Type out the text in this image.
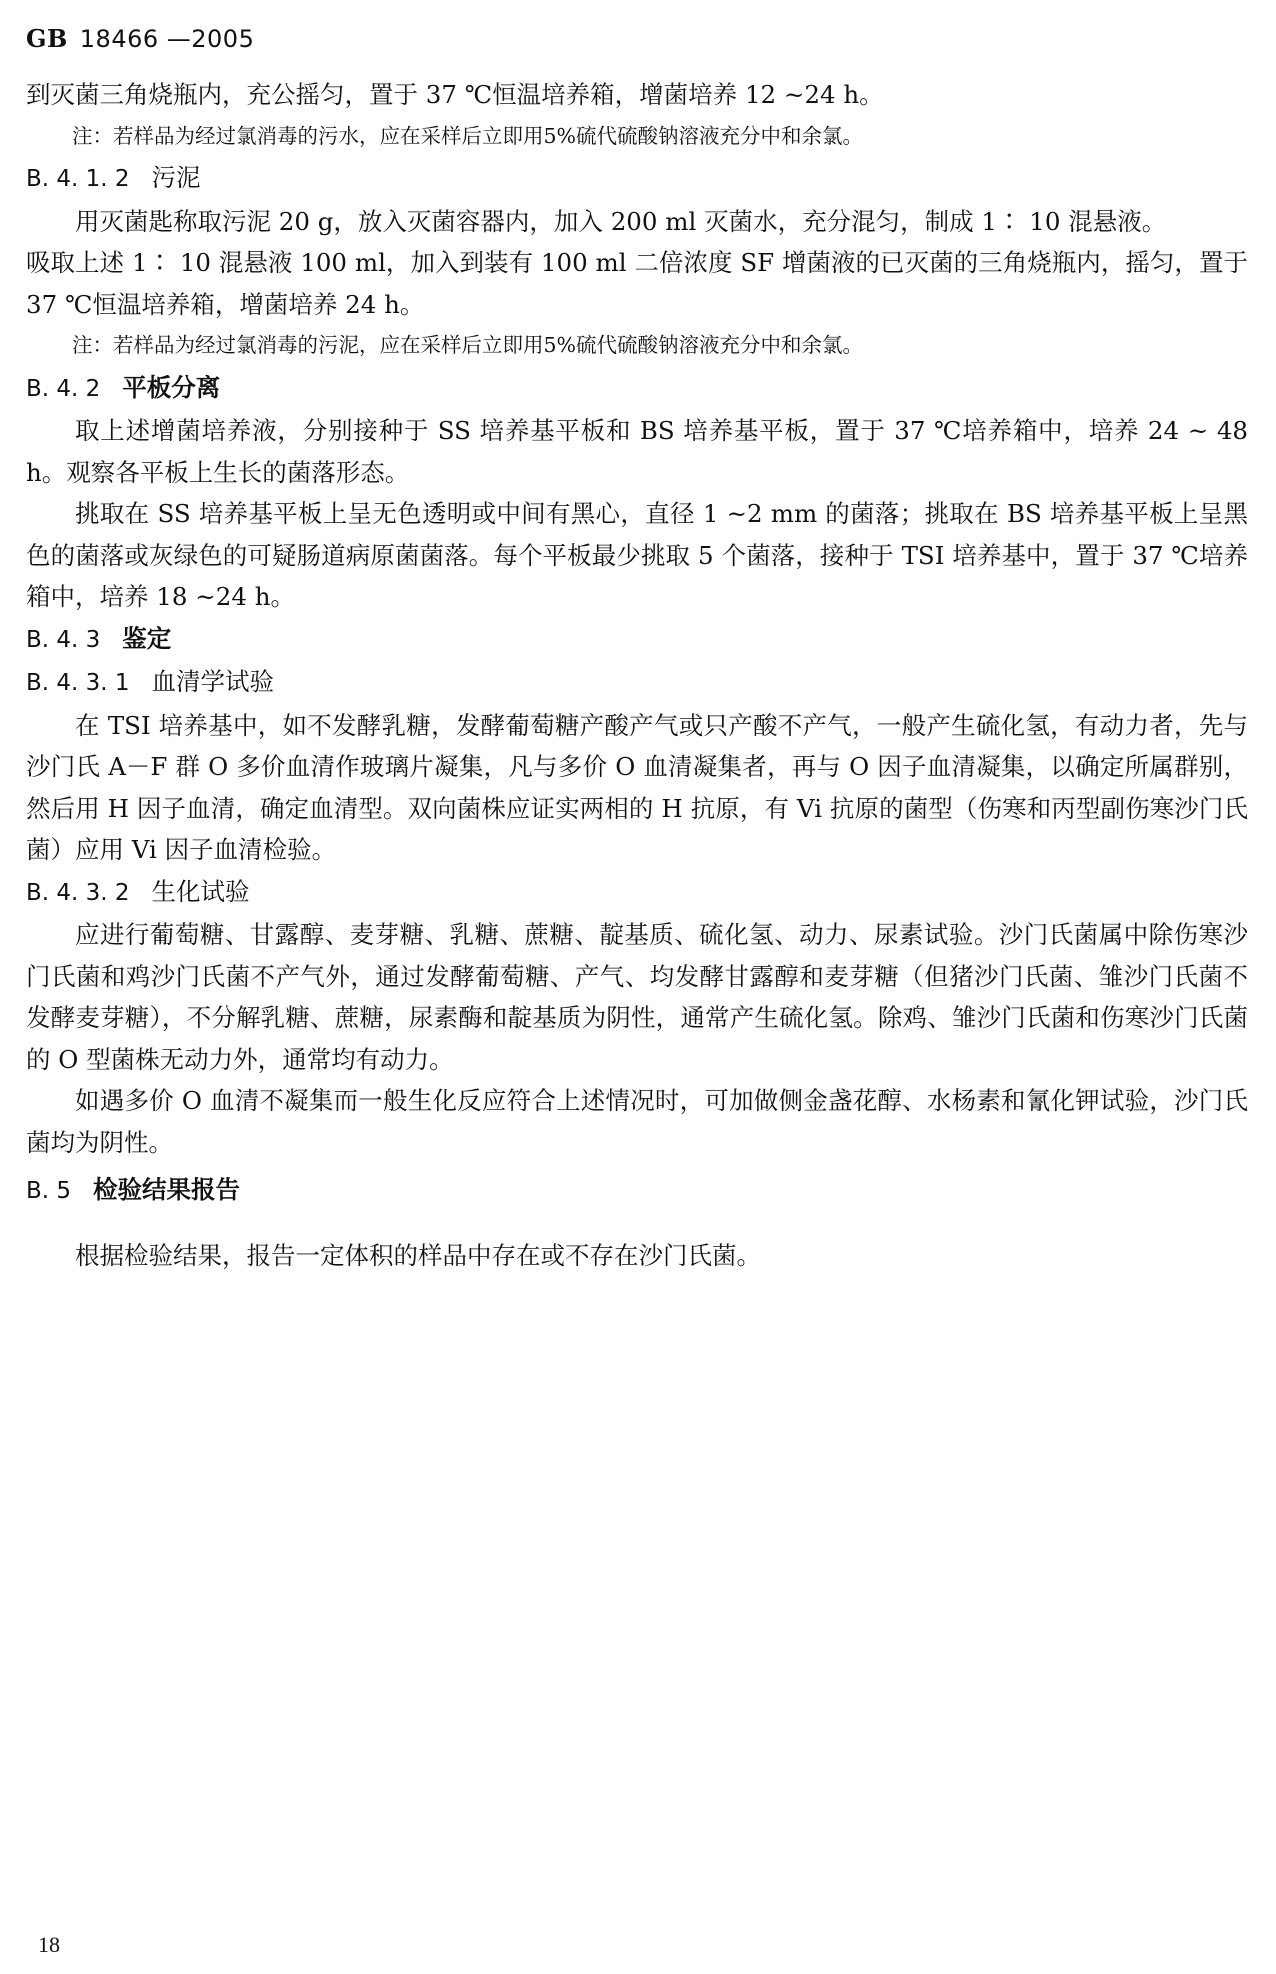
GB 18466 —2005

到灭菌三角烧瓶内，充公摇匀，置于 37 ℃恒温培养箱，增菌培养 12 ~24 h。

注：若样品为经过氯消毒的污水，应在采样后立即用5%硫代硫酸钠溶液充分中和余氯。

B. 4. 1. 2 污泥

用灭菌匙称取污泥 20 g，放入灭菌容器内，加入 200 ml 灭菌水，充分混匀，制成 1∶ 10 混悬液。

吸取上述 1∶ 10 混悬液 100 ml，加入到装有 100 ml 二倍浓度 SF 增菌液的已灭菌的三角烧瓶内，摇匀，置于 37 ℃恒温培养箱，增菌培养 24 h。

注：若样品为经过氯消毒的污泥，应在采样后立即用5%硫代硫酸钠溶液充分中和余氯。

B. 4. 2 平板分离

取上述增菌培养液，分别接种于 SS 培养基平板和 BS 培养基平板，置于 37 ℃培养箱中，培养 24 ~ 48 h。观察各平板上生长的菌落形态。

挑取在 SS 培养基平板上呈无色透明或中间有黑心，直径 1 ~2 mm 的菌落；挑取在 BS 培养基平板上呈黑色的菌落或灰绿色的可疑肠道病原菌菌落。每个平板最少挑取 5 个菌落，接种于 TSI 培养基中，置于 37 ℃培养箱中，培养 18 ~24 h。

B. 4. 3 鉴定

B. 4. 3. 1 血清学试验

在 TSI 培养基中，如不发酵乳糖，发酵葡萄糖产酸产气或只产酸不产气，一般产生硫化氢，有动力者，先与沙门氏 A－F 群 O 多价血清作玻璃片凝集，凡与多价 O 血清凝集者，再与 O 因子血清凝集，以确定所属群别，然后用 H 因子血清，确定血清型。双向菌株应证实两相的 H 抗原，有 Vi 抗原的菌型（伤寒和丙型副伤寒沙门氏菌）应用 Vi 因子血清检验。

B. 4. 3. 2 生化试验

应进行葡萄糖、甘露醇、麦芽糖、乳糖、蔗糖、靛基质、硫化氢、动力、尿素试验。沙门氏菌属中除伤寒沙门氏菌和鸡沙门氏菌不产气外，通过发酵葡萄糖、产气、均发酵甘露醇和麦芽糖（但猪沙门氏菌、雏沙门氏菌不发酵麦芽糖），不分解乳糖、蔗糖，尿素酶和靛基质为阴性，通常产生硫化氢。除鸡、雏沙门氏菌和伤寒沙门氏菌的 O 型菌株无动力外，通常均有动力。

如遇多价 O 血清不凝集而一般生化反应符合上述情况时，可加做侧金盏花醇、水杨素和氰化钾试验，沙门氏菌均为阴性。

B. 5 检验结果报告

根据检验结果，报告一定体积的样品中存在或不存在沙门氏菌。

18
